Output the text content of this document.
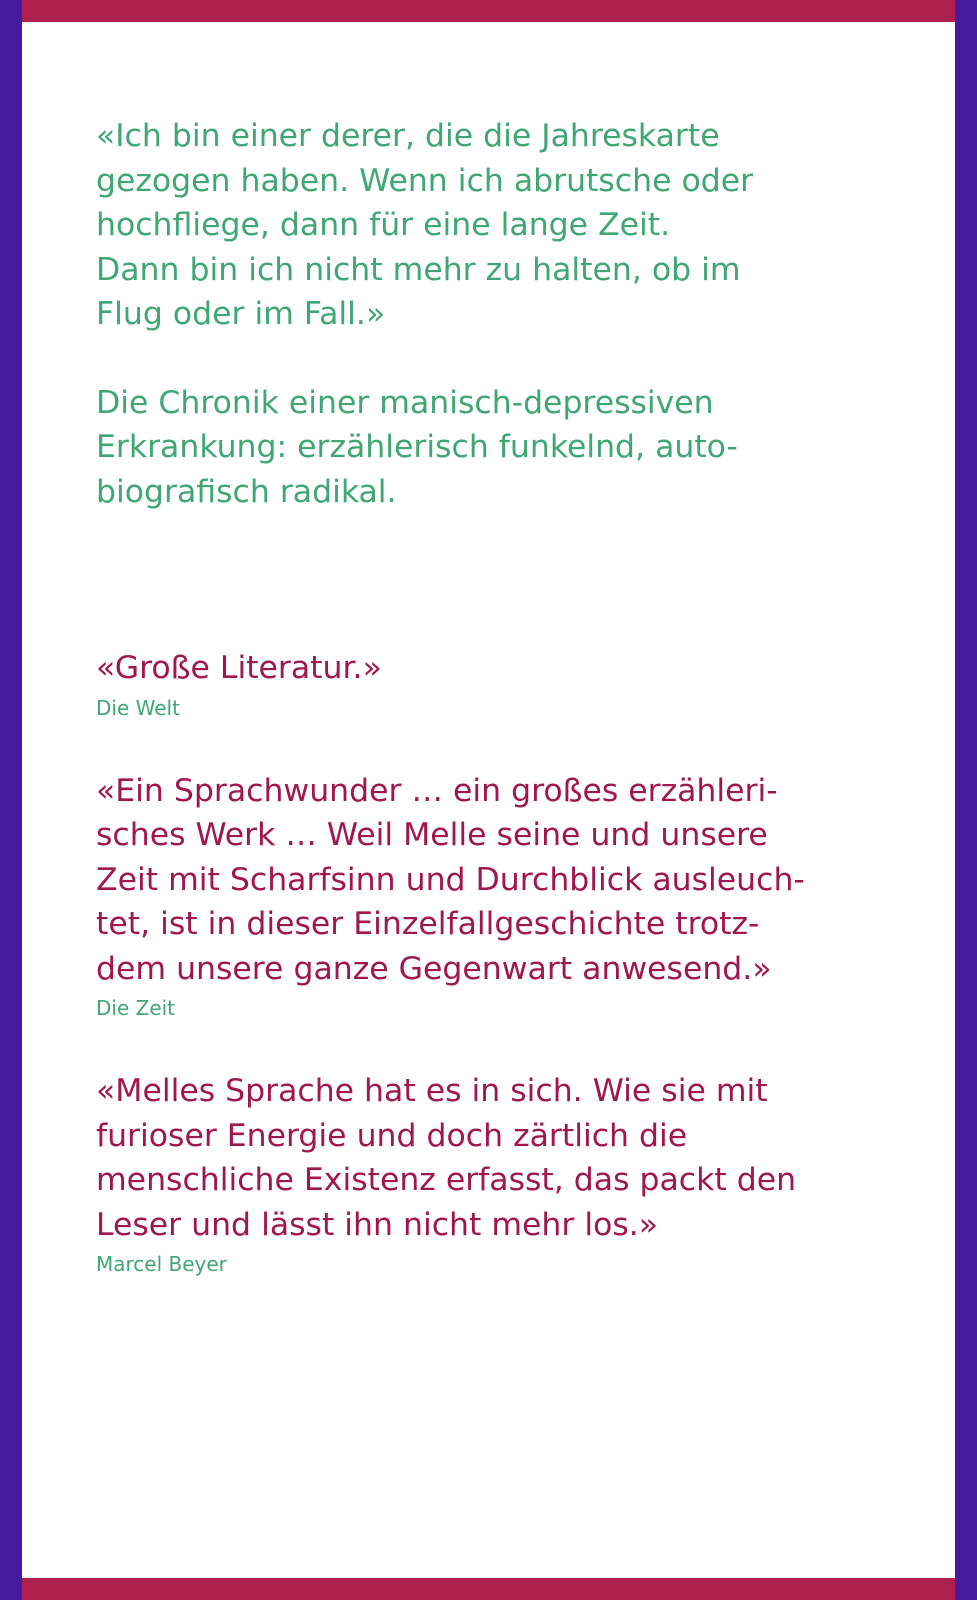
«Ich bin einer derer, die die Jahreskarte
gezogen haben. Wenn ich abrutsche oder
hochfliege, dann für eine lange Zeit.
Dann bin ich nicht mehr zu halten, ob im
Flug oder im Fall.»

Die Chronik einer manisch-depressiven
Erkrankung: erzählerisch funkelnd, auto-
biografisch radikal.

«Große Literatur.»

Die Welt

«Ein Sprachwunder … ein großes erzähleri-
sches Werk … Weil Melle seine und unsere
Zeit mit Scharfsinn und Durchblick ausleuch-
tet, ist in dieser Einzelfallgeschichte trotz-
dem unsere ganze Gegenwart anwesend.»

Die Zeit

«Melles Sprache hat es in sich. Wie sie mit
furioser Energie und doch zärtlich die
menschliche Existenz erfasst, das packt den
Leser und lässt ihn nicht mehr los.»

Marcel Beyer
